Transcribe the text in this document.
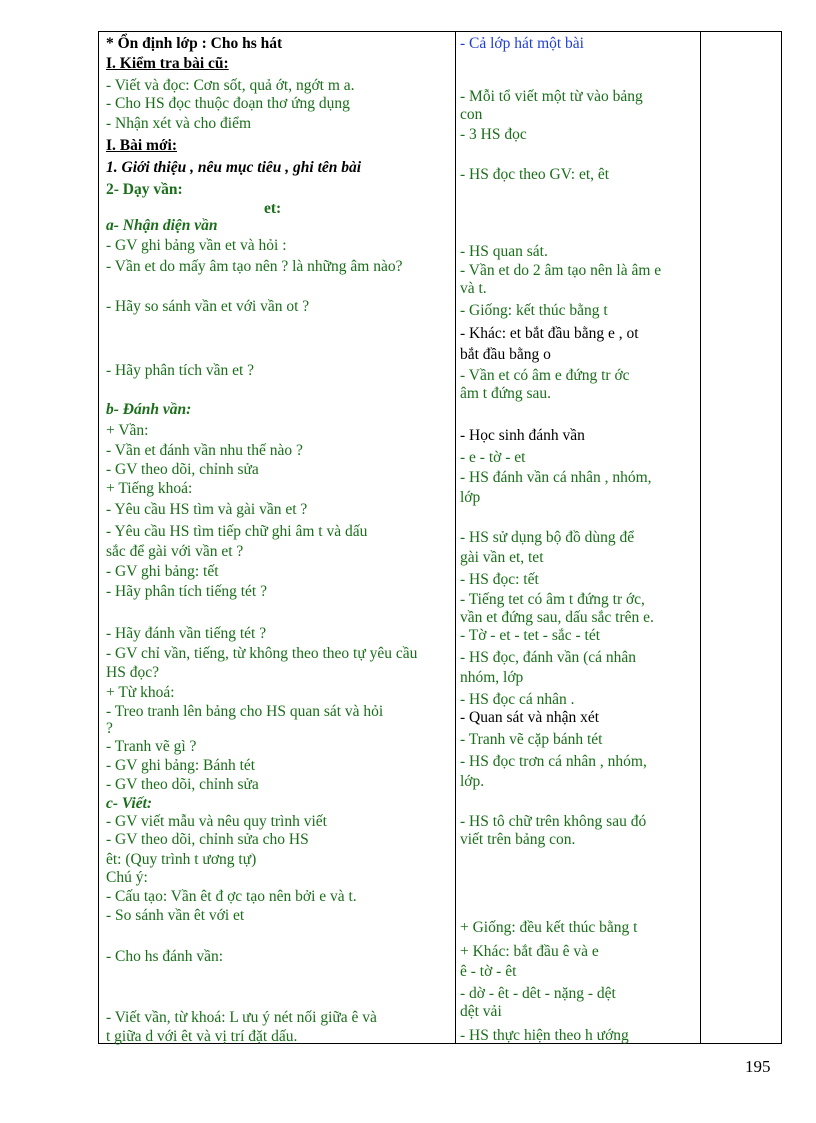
* Ổn định lớp : Cho hs hát
I. Kiểm tra bài cũ:
- Viết và đọc: Cơn sốt, quả ớt, ngớt m a.
- Cho HS đọc thuộc đoạn thơ ứng dụng
- Nhận xét và cho điểm
I. Bài mới:
1. Giới thiệu , nêu mục tiêu , ghi tên bài
2- Dạy vần:
et:
a- Nhận diện vần
- GV ghi bảng vần et và hỏi :
- Vần et do mấy âm tạo nên ? là những âm nào?
- Hãy so sánh vần et với vần ot ?
- Hãy phân tích vần et ?
b- Đánh vần:
+ Vần:
- Vần et đánh vần nhu thế nào ?
- GV theo dõi, chỉnh sửa
+ Tiếng khoá:
- Yêu cầu HS tìm và gài vần et ?
- Yêu cầu HS tìm tiếp chữ ghi âm t và dấu
sắc để gài với vần et ?
- GV ghi bảng: tết
- Hãy phân tích tiếng tét ?
- Hãy đánh vần tiếng tét ?
- GV chỉ vần, tiếng, từ không theo theo tự yêu cầu
HS đọc?
+ Từ khoá:
- Treo tranh lên bảng cho HS quan sát và hỏi
?
- Tranh vẽ gì ?
- GV ghi bảng: Bánh tét
- GV theo dõi, chỉnh sửa
c- Viết:
- GV viết mẫu và nêu quy trình viết
- GV theo dõi, chỉnh sửa cho HS
êt: (Quy trình t ương tự)
Chú ý:
- Cấu tạo: Vần êt đ ợc tạo nên bởi e và t.
- So sánh vần êt với et
- Cho hs đánh vần:
- Viết vần, từ khoá: L ưu ý nét nối giữa ê và
t giữa d với êt và vị trí đặt dấu.
- Cả lớp hát một bài
- Mỗi tổ viết một từ vào bảng
con
- 3 HS đọc
- HS đọc theo GV: et, êt
- HS quan sát.
- Vần et do 2 âm tạo nên là âm e
và t.
- Giống: kết thúc bằng t
- Khác: et bắt đầu bằng e , ot
bắt đầu bằng o
- Vần et có âm e đứng tr ớc
âm t đứng sau.
- Học sinh đánh vần
- e - tờ - et
- HS đánh vần cá nhân , nhóm,
lớp
- HS sử dụng bộ đồ dùng để
gài vần et, tet
- HS đọc: tết
- Tiếng tet có âm t đứng tr ớc,
vần et đứng sau, dấu sắc trên e.
- Tờ - et - tet - sắc - tét
- HS đọc, đánh vần (cá nhân
nhóm, lớp
- HS đọc cá nhân .
- Quan sát và nhận xét
- Tranh vẽ cặp bánh tét
- HS đọc trơn cá nhân , nhóm,
lớp.
- HS tô chữ trên không sau đó
viết trên bảng con.
+ Giống: đều kết thúc bằng t
+ Khác: bắt đầu ê và e
ê - tờ - êt
- dờ - êt - dêt - nặng - dệt
dệt vải
- HS thực hiện theo h ướng
195
